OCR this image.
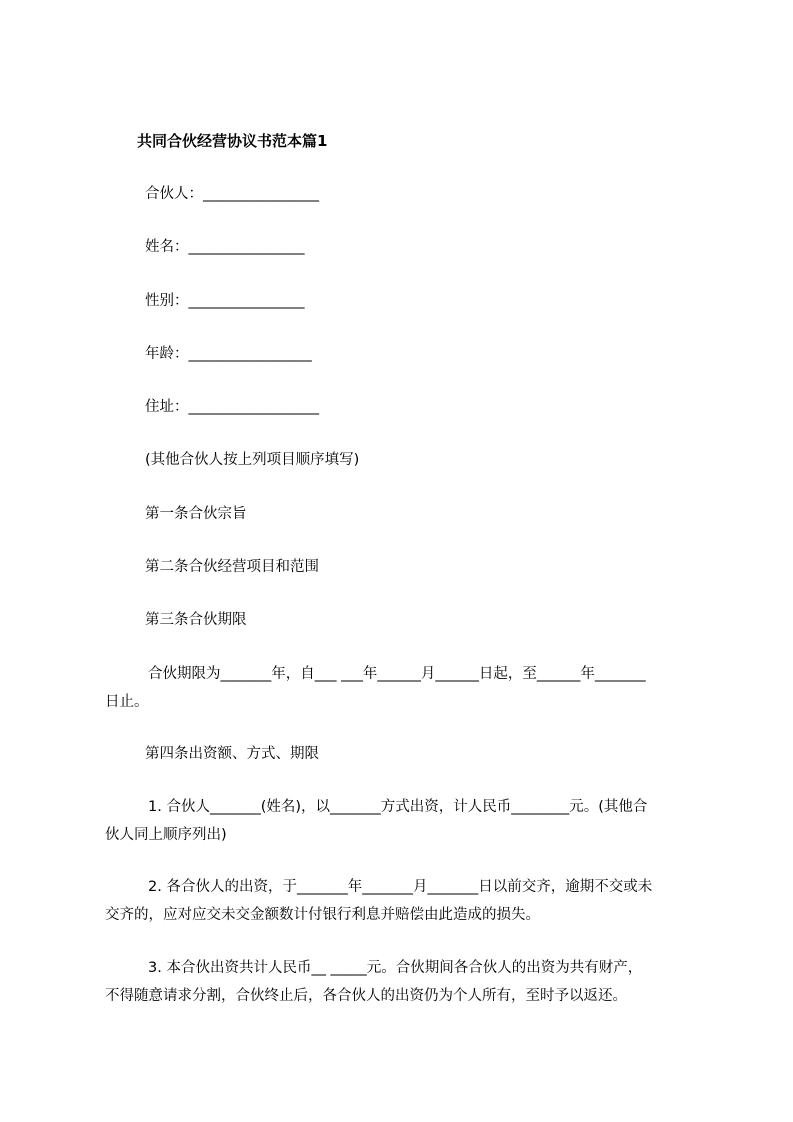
共同合伙经营协议书范本篇1
合伙人：________________
姓名：________________
性别：________________
年龄：_________________
住址：__________________
(其他合伙人按上列项目顺序填写)
第一条合伙宗旨
第二条合伙经营项目和范围
第三条合伙期限
合伙期限为_______年，自___ ___年______月______日起，至______年_______
日止。
第四条出资额、方式、期限
1. 合伙人_______(姓名)，以_______方式出资，计人民币________元。(其他合
伙人同上顺序列出)
2. 各合伙人的出资，于_______年_______月_______日以前交齐，逾期不交或未
交齐的，应对应交未交金额数计付银行利息并赔偿由此造成的损失。
3. 本合伙出资共计人民币__ _____元。合伙期间各合伙人的出资为共有财产，
不得随意请求分割，合伙终止后，各合伙人的出资仍为个人所有，至时予以返还。
